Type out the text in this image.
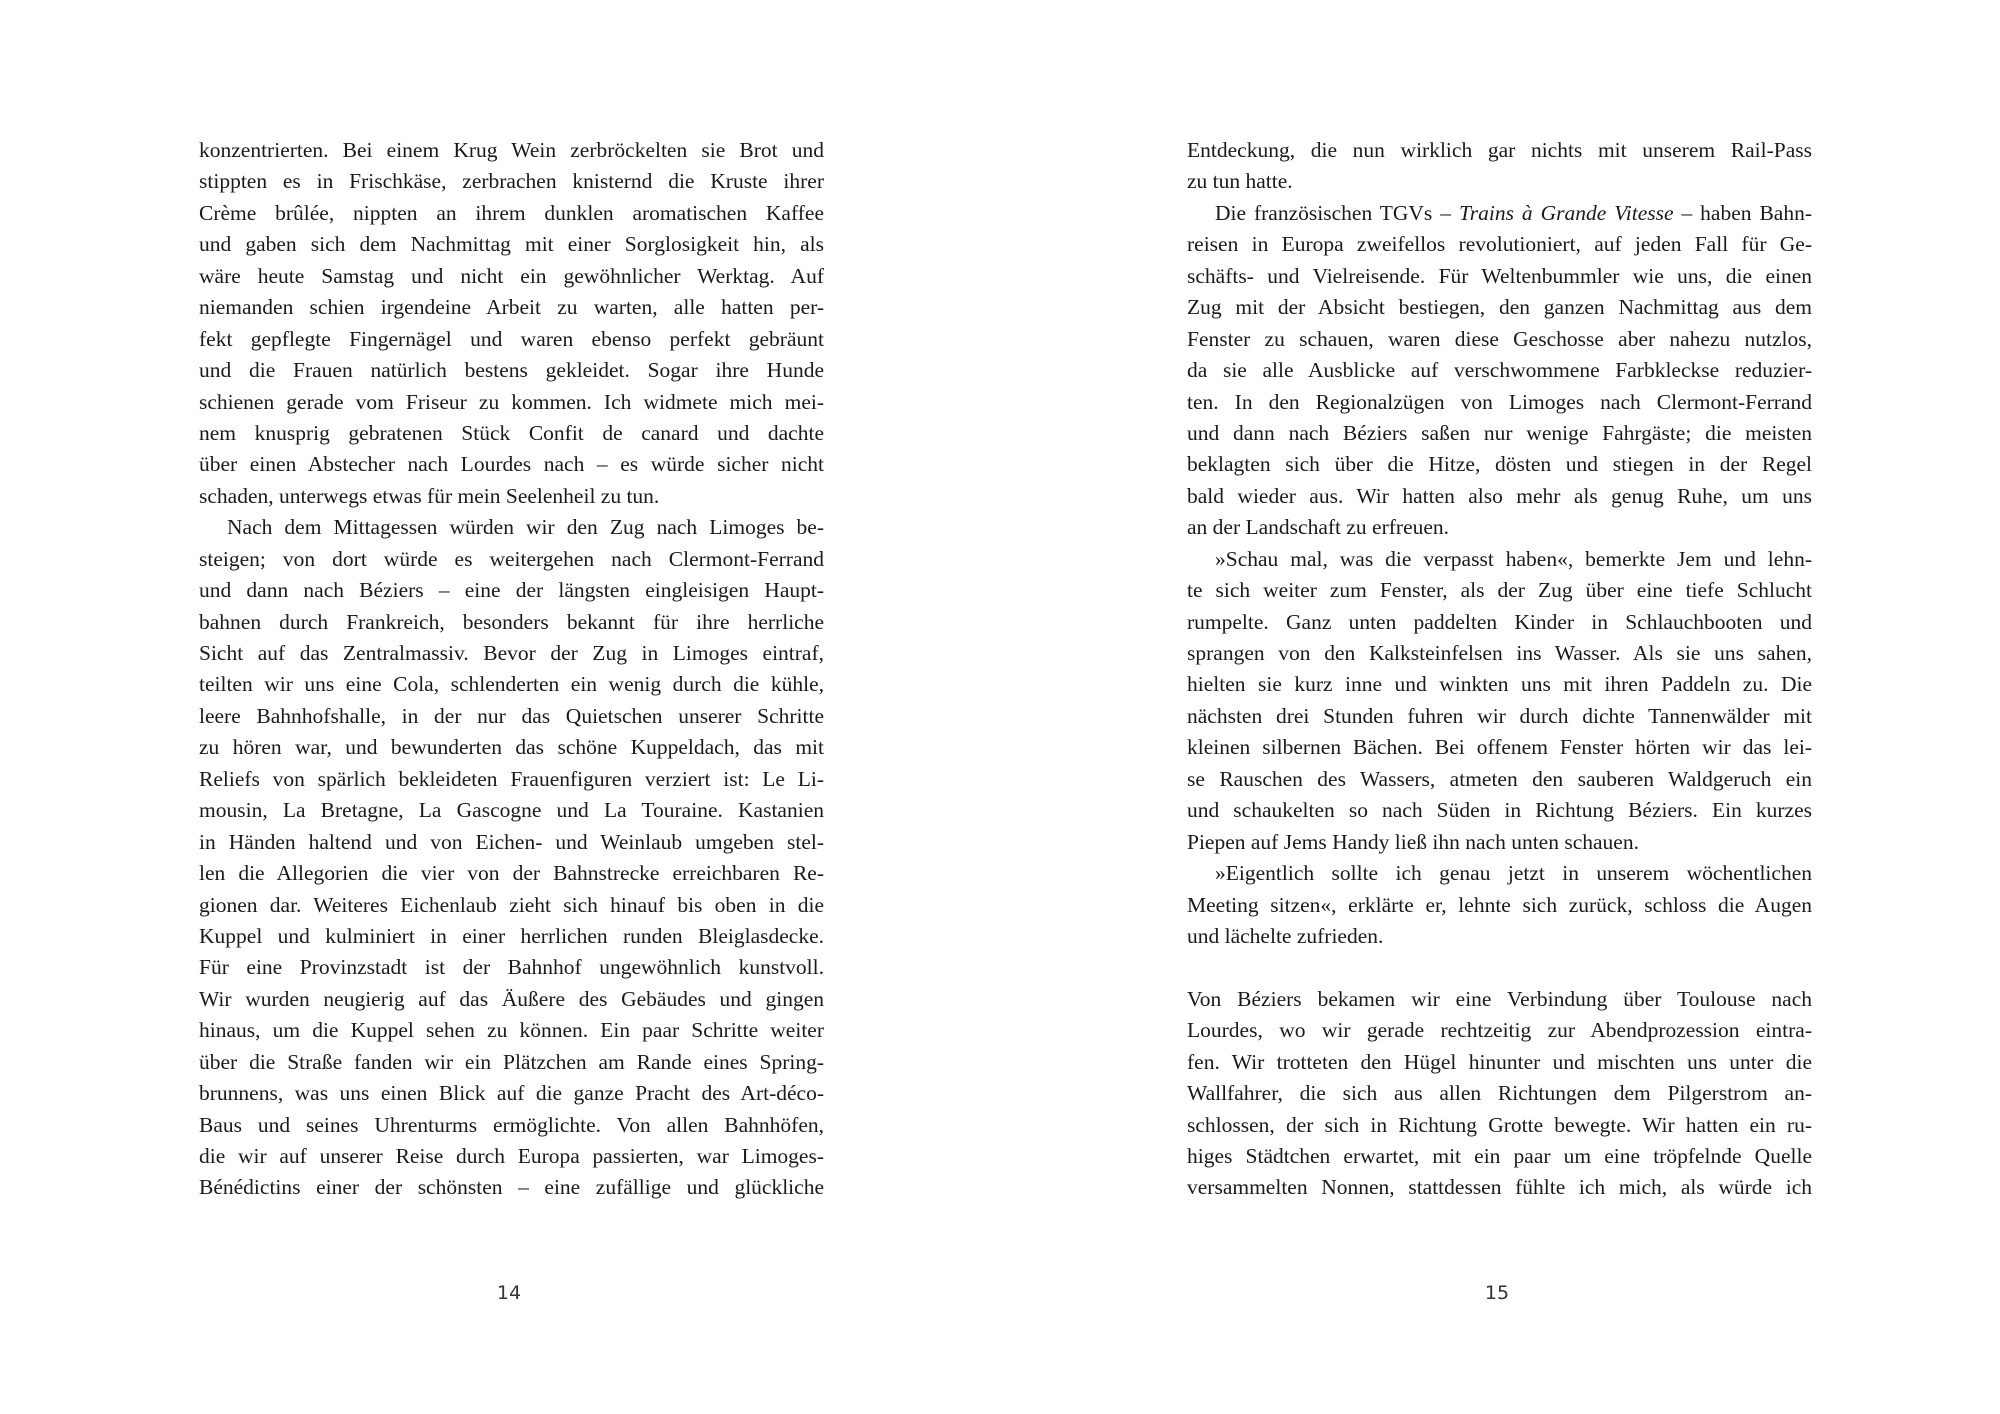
konzentrierten. Bei einem Krug Wein zerbröckelten sie Brot und
stippten es in Frischkäse, zerbrachen knisternd die Kruste ihrer
Crème brûlée, nippten an ihrem dunklen aromatischen Kaffee
und gaben sich dem Nachmittag mit einer Sorglosigkeit hin, als
wäre heute Samstag und nicht ein gewöhnlicher Werktag. Auf
niemanden schien irgendeine Arbeit zu warten, alle hatten per-
fekt gepflegte Fingernägel und waren ebenso perfekt gebräunt
und die Frauen natürlich bestens gekleidet. Sogar ihre Hunde
schienen gerade vom Friseur zu kommen. Ich widmete mich mei-
nem knusprig gebratenen Stück Confit de canard und dachte
über einen Abstecher nach Lourdes nach – es würde sicher nicht
schaden, unterwegs etwas für mein Seelenheil zu tun.
Nach dem Mittagessen würden wir den Zug nach Limoges be-
steigen; von dort würde es weitergehen nach Clermont-Ferrand
und dann nach Béziers – eine der längsten eingleisigen Haupt-
bahnen durch Frankreich, besonders bekannt für ihre herrliche
Sicht auf das Zentralmassiv. Bevor der Zug in Limoges eintraf,
teilten wir uns eine Cola, schlenderten ein wenig durch die kühle,
leere Bahnhofshalle, in der nur das Quietschen unserer Schritte
zu hören war, und bewunderten das schöne Kuppeldach, das mit
Reliefs von spärlich bekleideten Frauenfiguren verziert ist: Le Li-
mousin, La Bretagne, La Gascogne und La Touraine. Kastanien
in Händen haltend und von Eichen- und Weinlaub umgeben stel-
len die Allegorien die vier von der Bahnstrecke erreichbaren Re-
gionen dar. Weiteres Eichenlaub zieht sich hinauf bis oben in die
Kuppel und kulminiert in einer herrlichen runden Bleiglasdecke.
Für eine Provinzstadt ist der Bahnhof ungewöhnlich kunstvoll.
Wir wurden neugierig auf das Äußere des Gebäudes und gingen
hinaus, um die Kuppel sehen zu können. Ein paar Schritte weiter
über die Straße fanden wir ein Plätzchen am Rande eines Spring-
brunnens, was uns einen Blick auf die ganze Pracht des Art-déco-
Baus und seines Uhrenturms ermöglichte. Von allen Bahnhöfen,
die wir auf unserer Reise durch Europa passierten, war Limoges-
Bénédictins einer der schönsten – eine zufällige und glückliche
Entdeckung, die nun wirklich gar nichts mit unserem Rail-Pass
zu tun hatte.
Die französischen TGVs – Trains à Grande Vitesse – haben Bahn-
reisen in Europa zweifellos revolutioniert, auf jeden Fall für Ge-
schäfts- und Vielreisende. Für Weltenbummler wie uns, die einen
Zug mit der Absicht bestiegen, den ganzen Nachmittag aus dem
Fenster zu schauen, waren diese Geschosse aber nahezu nutzlos,
da sie alle Ausblicke auf verschwommene Farbkleckse reduzier-
ten. In den Regionalzügen von Limoges nach Clermont-Ferrand
und dann nach Béziers saßen nur wenige Fahrgäste; die meisten
beklagten sich über die Hitze, dösten und stiegen in der Regel
bald wieder aus. Wir hatten also mehr als genug Ruhe, um uns
an der Landschaft zu erfreuen.
»Schau mal, was die verpasst haben«, bemerkte Jem und lehn-
te sich weiter zum Fenster, als der Zug über eine tiefe Schlucht
rumpelte. Ganz unten paddelten Kinder in Schlauchbooten und
sprangen von den Kalksteinfelsen ins Wasser. Als sie uns sahen,
hielten sie kurz inne und winkten uns mit ihren Paddeln zu. Die
nächsten drei Stunden fuhren wir durch dichte Tannenwälder mit
kleinen silbernen Bächen. Bei offenem Fenster hörten wir das lei-
se Rauschen des Wassers, atmeten den sauberen Waldgeruch ein
und schaukelten so nach Süden in Richtung Béziers. Ein kurzes
Piepen auf Jems Handy ließ ihn nach unten schauen.
»Eigentlich sollte ich genau jetzt in unserem wöchentlichen
Meeting sitzen«, erklärte er, lehnte sich zurück, schloss die Augen
und lächelte zufrieden.
Von Béziers bekamen wir eine Verbindung über Toulouse nach
Lourdes, wo wir gerade rechtzeitig zur Abendprozession eintra-
fen. Wir trotteten den Hügel hinunter und mischten uns unter die
Wallfahrer, die sich aus allen Richtungen dem Pilgerstrom an-
schlossen, der sich in Richtung Grotte bewegte. Wir hatten ein ru-
higes Städtchen erwartet, mit ein paar um eine tröpfelnde Quelle
versammelten Nonnen, stattdessen fühlte ich mich, als würde ich
14	15
